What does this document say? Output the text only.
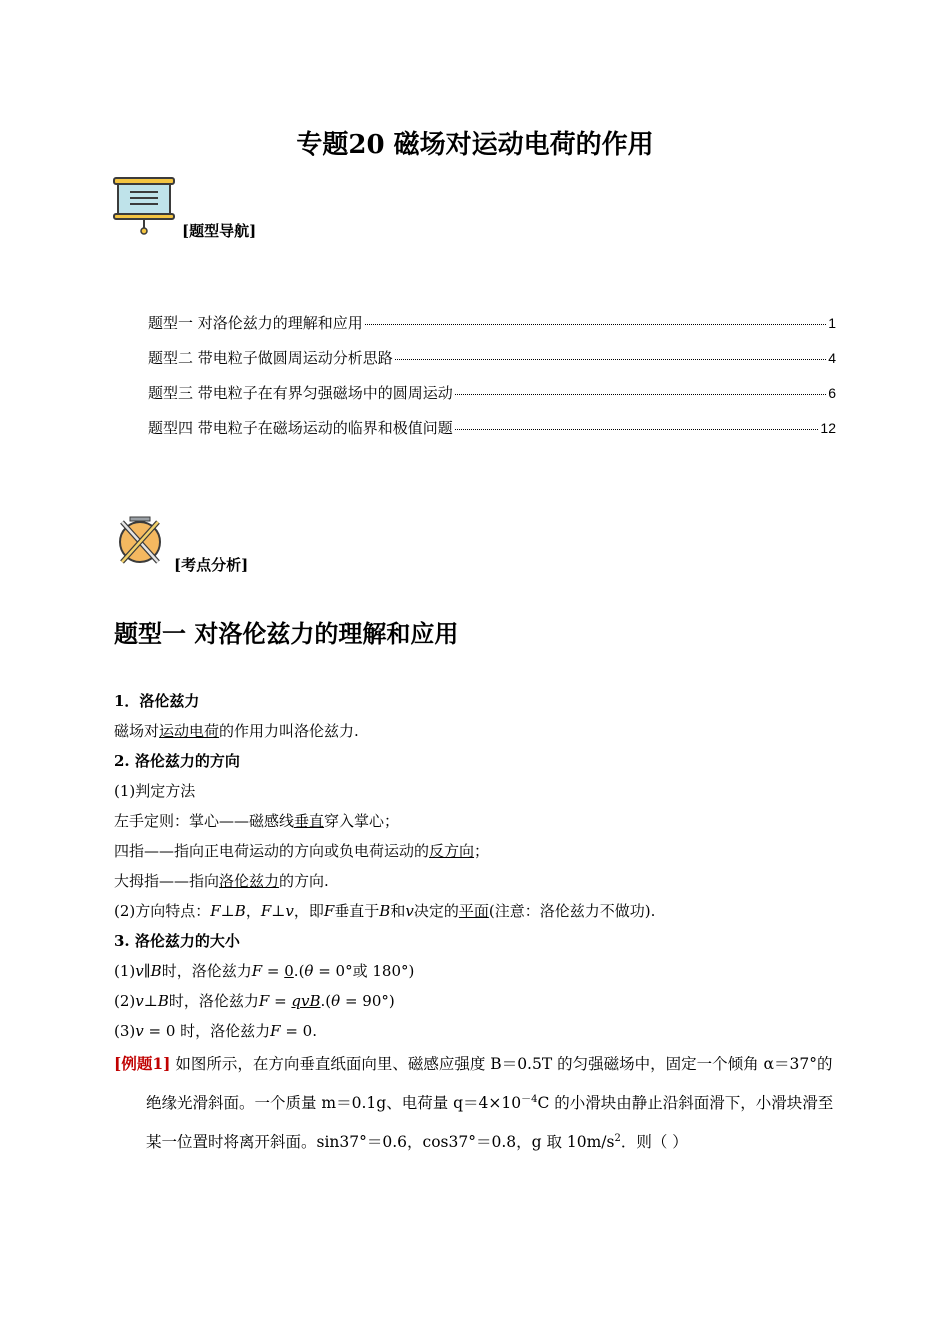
专题20 磁场对运动电荷的作用
[题型导航]
题型一 对洛伦兹力的理解和应用	1
题型二 带电粒子做圆周运动分析思路	4
题型三 带电粒子在有界匀强磁场中的圆周运动	6
题型四 带电粒子在磁场运动的临界和极值问题	12
[考点分析]
题型一 对洛伦兹力的理解和应用
1．洛伦兹力
磁场对运动电荷的作用力叫洛伦兹力.
2. 洛伦兹力的方向
(1)判定方法
左手定则：掌心——磁感线垂直穿入掌心；
四指——指向正电荷运动的方向或负电荷运动的反方向；
大拇指——指向洛伦兹力的方向.
(2)方向特点：F⊥B，F⊥v，即F垂直于B和v决定的平面(注意：洛伦兹力不做功).
3. 洛伦兹力的大小
(1)v∥B时，洛伦兹力F = 0.(θ = 0°或 180°)
(2)v⊥B时，洛伦兹力F = qvB.(θ = 90°)
(3)v = 0 时，洛伦兹力F = 0.

[例题1] 如图所示，在方向垂直纸面向里、磁感应强度 B＝0.5T 的匀强磁场中，固定一个倾角 α＝37°的绝缘光滑斜面。一个质量 m＝0.1g、电荷量 $q=4\times 10^{-4}C$ 的小滑块由静止沿斜面滑下，小滑块滑至某一位置时将离开斜面。sin37°＝0.6，cos37°＝0.8，g 取 $10m/s^2$．则（ ）
